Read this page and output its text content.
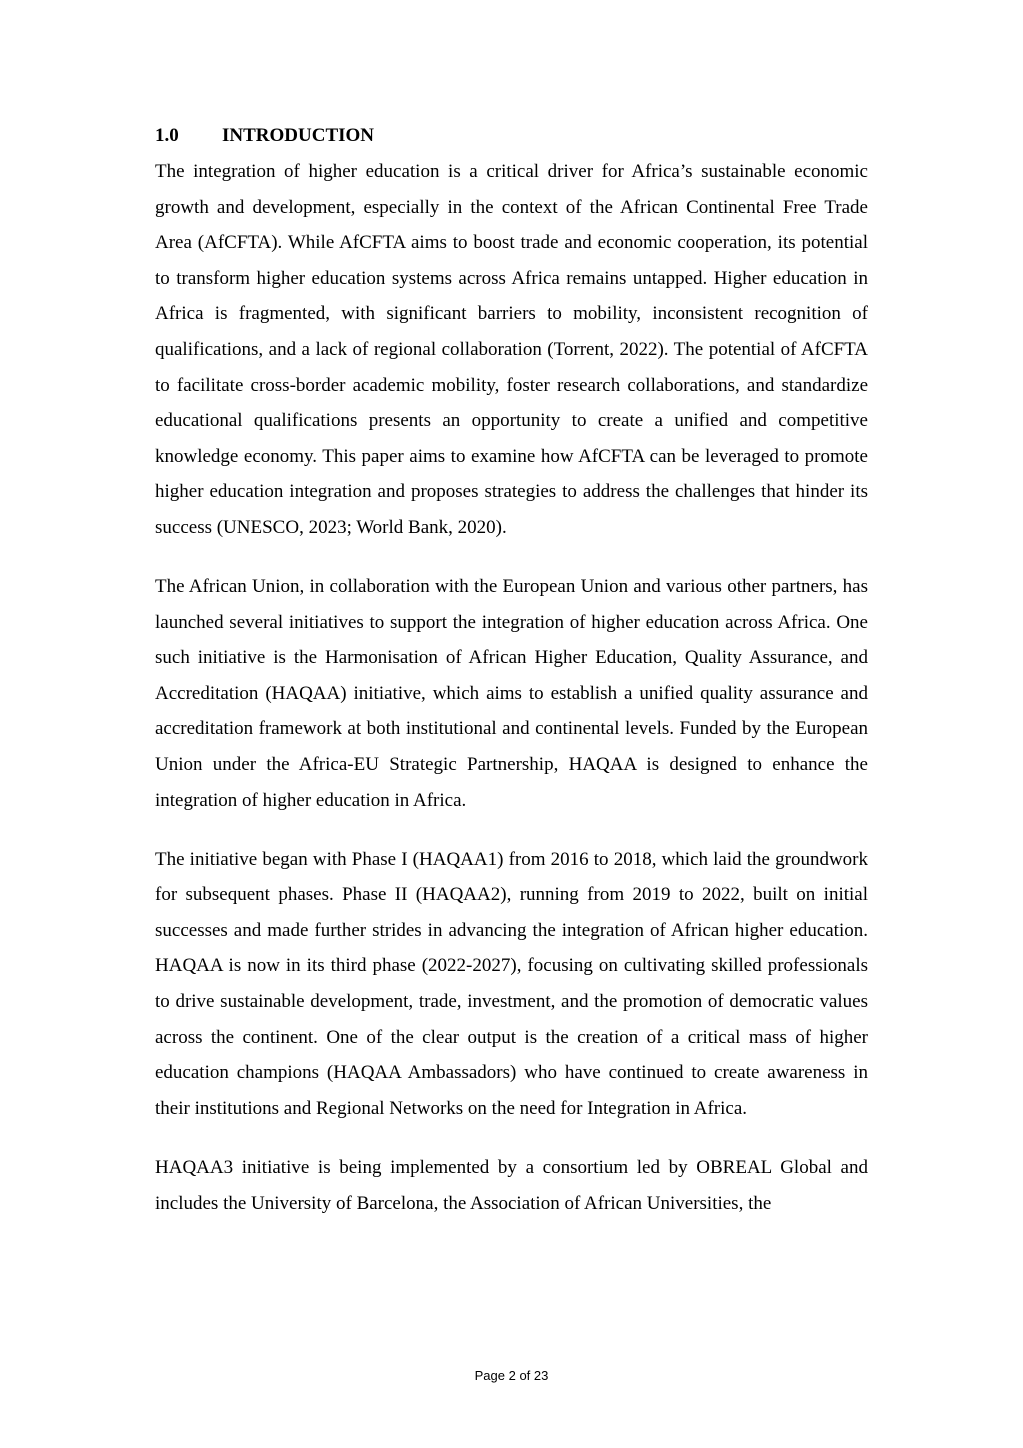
1.0	INTRODUCTION

The integration of higher education is a critical driver for Africa’s sustainable economic growth and development, especially in the context of the African Continental Free Trade Area (AfCFTA). While AfCFTA aims to boost trade and economic cooperation, its potential to transform higher education systems across Africa remains untapped. Higher education in Africa is fragmented, with significant barriers to mobility, inconsistent recognition of qualifications, and a lack of regional collaboration (Torrent, 2022). The potential of AfCFTA to facilitate cross-border academic mobility, foster research collaborations, and standardize educational qualifications presents an opportunity to create a unified and competitive knowledge economy. This paper aims to examine how AfCFTA can be leveraged to promote higher education integration and proposes strategies to address the challenges that hinder its success (UNESCO, 2023; World Bank, 2020).

The African Union, in collaboration with the European Union and various other partners, has launched several initiatives to support the integration of higher education across Africa. One such initiative is the Harmonisation of African Higher Education, Quality Assurance, and Accreditation (HAQAA) initiative, which aims to establish a unified quality assurance and accreditation framework at both institutional and continental levels. Funded by the European Union under the Africa-EU Strategic Partnership, HAQAA is designed to enhance the integration of higher education in Africa.

The initiative began with Phase I (HAQAA1) from 2016 to 2018, which laid the groundwork for subsequent phases. Phase II (HAQAA2), running from 2019 to 2022, built on initial successes and made further strides in advancing the integration of African higher education. HAQAA is now in its third phase (2022-2027), focusing on cultivating skilled professionals to drive sustainable development, trade, investment, and the promotion of democratic values across the continent. One of the clear output is the creation of a critical mass of higher education champions (HAQAA Ambassadors) who have continued to create awareness in their institutions and Regional Networks on the need for Integration in Africa.

HAQAA3 initiative is being implemented by a consortium led by OBREAL Global and includes the University of Barcelona, the Association of African Universities, the

Page 2 of 23
